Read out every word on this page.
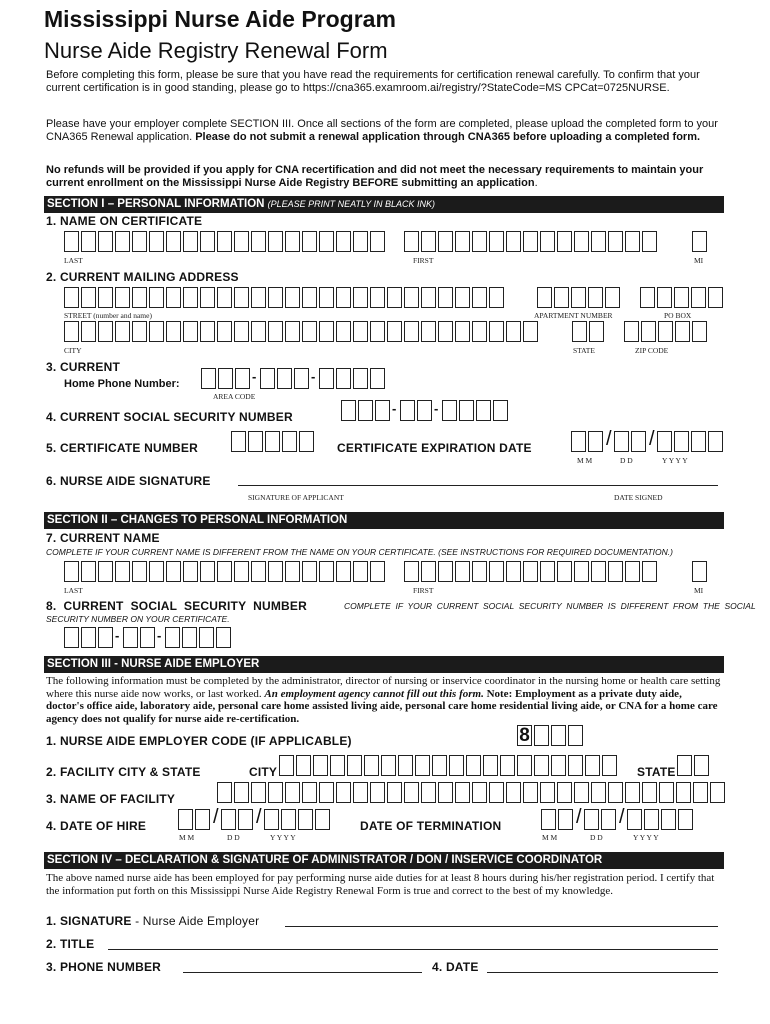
Mississippi Nurse Aide Program
Nurse Aide Registry Renewal Form
Before completing this form, please be sure that you have read the requirements for certification renewal carefully. To confirm that your current certification is in good standing, please go to https://cna365.examroom.ai/registry/?StateCode=MS CPCat=0725NURSE.
Please have your employer complete SECTION III. Once all sections of the form are completed, please upload the completed form to your CNA365 Renewal application. Please do not submit a renewal application through CNA365 before uploading a completed form.
No refunds will be provided if you apply for CNA recertification and did not meet the necessary requirements to maintain your current enrollment on the Mississippi Nurse Aide Registry BEFORE submitting an application.
SECTION I – PERSONAL INFORMATION (PLEASE PRINT NEATLY IN BLACK INK)
1. NAME ON CERTIFICATE
LAST	FIRST	MI
2. CURRENT MAILING ADDRESS
STREET (number and name)	APARTMENT NUMBER	PO BOX
CITY	STATE	ZIP CODE
3. CURRENT
Home Phone Number:	-	-
AREA CODE
4. CURRENT SOCIAL SECURITY NUMBER
-	-
5. CERTIFICATE NUMBER	CERTIFICATE EXPIRATION DATE	/ /
M M	D D	Y Y Y Y
6. NURSE AIDE SIGNATURE
SIGNATURE OF APPLICANT	DATE SIGNED
SECTION II – CHANGES TO PERSONAL INFORMATION
7. CURRENT NAME
COMPLETE IF YOUR CURRENT NAME IS DIFFERENT FROM THE NAME ON YOUR CERTIFICATE. (SEE INSTRUCTIONS FOR REQUIRED DOCUMENTATION.)
LAST	FIRST	MI
8.  CURRENT  SOCIAL  SECURITY  NUMBER	COMPLETE  IF  YOUR  CURRENT  SOCIAL  SECURITY  NUMBER  IS  DIFFERENT  FROM  THE  SOCIAL
SECURITY NUMBER ON YOUR CERTIFICATE.
-	-
SECTION III - NURSE AIDE EMPLOYER
The following information must be completed by the administrator, director of nursing or inservice coordinator in the nursing home or health care setting where this nurse aide now works, or last worked. An employment agency cannot fill out this form. Note: Employment as a private duty aide, doctor's office aide, laboratory aide, personal care home assisted living aide, personal care home residential living aide, or CNA for a home care agency does not qualify for nurse aide re-certification.
1. NURSE AIDE EMPLOYER CODE (IF APPLICABLE)	8
2. FACILITY CITY & STATE	CITY	STATE
3. NAME OF FACILITY
4. DATE OF HIRE	/ /
M M	D D	Y Y Y Y
DATE OF TERMINATION	/ /
M M	D D	Y Y Y Y
SECTION IV – DECLARATION & SIGNATURE OF ADMINISTRATOR / DON / INSERVICE COORDINATOR
The above named nurse aide has been employed for pay performing nurse aide duties for at least 8 hours during his/her registration period. I certify that the information put forth on this Mississippi Nurse Aide Registry Renewal Form is true and correct to the best of my knowledge.
1. SIGNATURE - Nurse Aide Employer
2. TITLE
3. PHONE NUMBER	4. DATE
